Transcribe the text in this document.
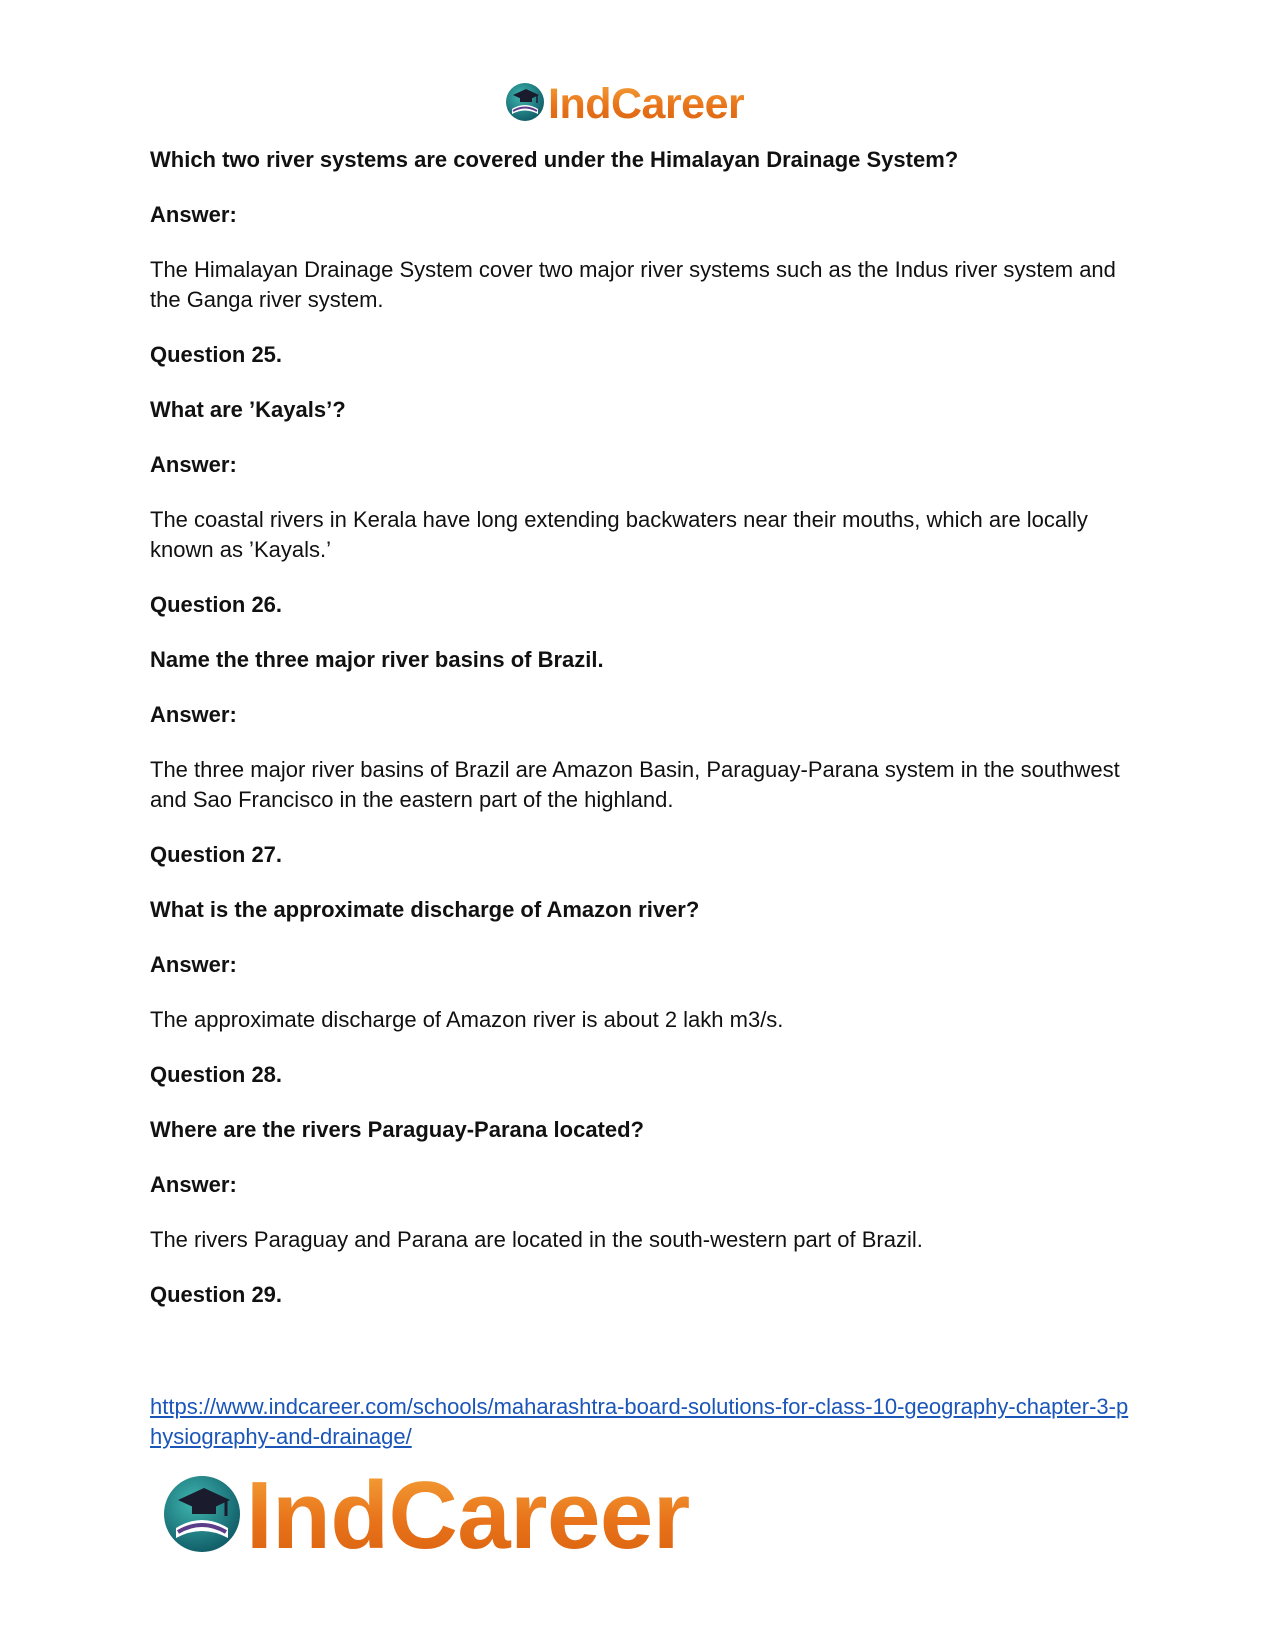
IndCareer

Which two river systems are covered under the Himalayan Drainage System?

Answer:

The Himalayan Drainage System cover two major river systems such as the Indus river system and the Ganga river system.

Question 25.

What are ’Kayals’?

Answer:

The coastal rivers in Kerala have long extending backwaters near their mouths, which are locally known as ’Kayals.’

Question 26.

Name the three major river basins of Brazil.

Answer:

The three major river basins of Brazil are Amazon Basin, Paraguay-Parana system in the southwest and Sao Francisco in the eastern part of the highland.

Question 27.

What is the approximate discharge of Amazon river?

Answer:

The approximate discharge of Amazon river is about 2 lakh m3/s.

Question 28.

Where are the rivers Paraguay-Parana located?

Answer:

The rivers Paraguay and Parana are located in the south-western part of Brazil.

Question 29.

https://www.indcareer.com/schools/maharashtra-board-solutions-for-class-10-geography-chapter-3-physiography-and-drainage/
IndCareer
